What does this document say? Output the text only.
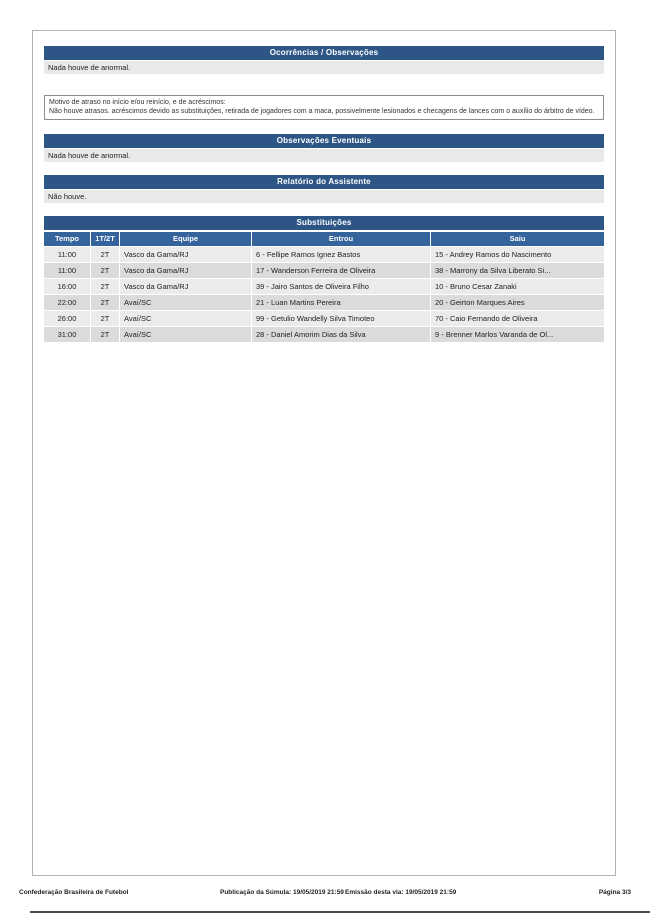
Ocorrências / Observações
Nada houve de anormal.
Motivo de atraso no início e/ou reinício, e de acréscimos:
Não houve atrasos. acréscimos devido as substituições, retirada de jogadores com a maca, possivelmente lesionados e checagens de lances com o auxílio do árbitro de vídeo.
Observações Eventuais
Nada houve de anormal.
Relatório do Assistente
Não houve.
Substituições
Tempo	1T/2T	Equipe	Entrou	Saiu
11:00	2T	Vasco da Gama/RJ	6 - Fellipe Ramos Ignez Bastos	15 - Andrey Ramos do Nascimento
11:00	2T	Vasco da Gama/RJ	17 - Wanderson Ferreira de Oliveira	38 - Marrony da Silva Liberato Si...
16:00	2T	Vasco da Gama/RJ	39 - Jairo Santos de Oliveira Filho	10 - Bruno Cesar Zanaki
22:00	2T	Avaí/SC	21 - Luan Martins Pereira	20 - Geirton Marques Aires
26:00	2T	Avaí/SC	99 - Getulio Wandelly Silva Timoteo	70 - Caio Fernando de Oliveira
31:00	2T	Avaí/SC	28 - Daniel Amorim Dias da Silva	9 - Brenner Marlos Varanda de Ol...
Confederação Brasileira de Futebol	Publicação da Súmula: 19/05/2019 21:59 Emissão desta via: 19/05/2019 21:59	Página 3/3
